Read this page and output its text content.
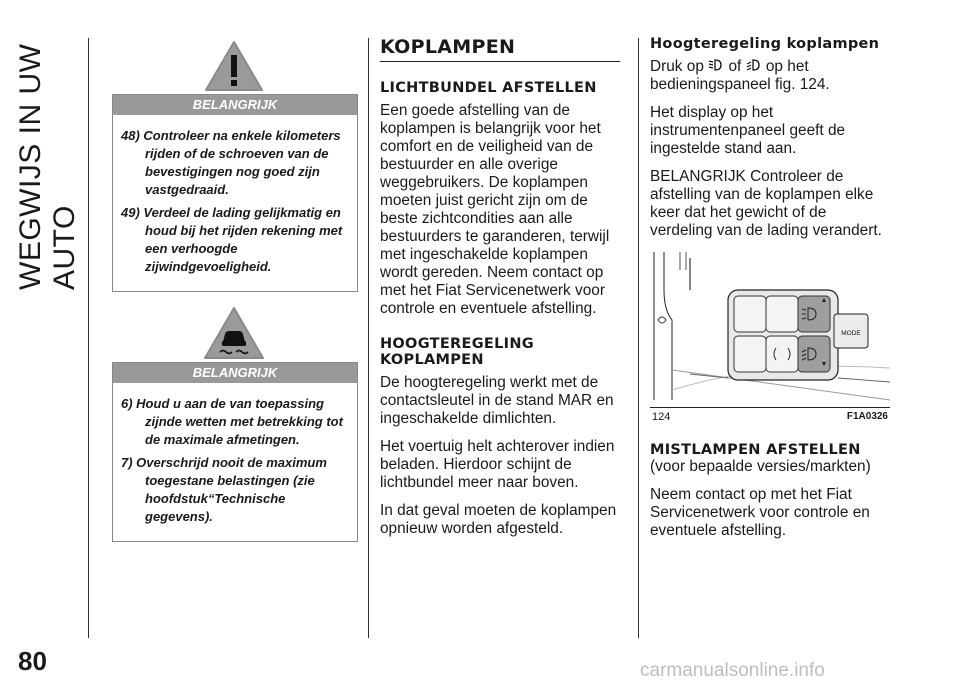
WEGWIJS IN UW AUTO
80
BELANGRIJK
48) Controleer na enkele kilometers rijden of de schroeven van de bevestigingen nog goed zijn vastgedraaid.
49) Verdeel de lading gelijkmatig en houd bij het rijden rekening met een verhoogde zijwindgevoeligheid.
BELANGRIJK
6) Houd u aan de van toepassing zijnde wetten met betrekking tot de maximale afmetingen.
7) Overschrijd nooit de maximum toegestane belastingen (zie hoofdstuk“Technische gegevens).
KOPLAMPEN
LICHTBUNDEL AFSTELLEN

Een goede afstelling van de koplampen is belangrijk voor het comfort en de veiligheid van de bestuurder en alle overige weggebruikers. De koplampen moeten juist gericht zijn om de beste zichtcondities aan alle bestuurders te garanderen, terwijl met ingeschakelde koplampen wordt gereden. Neem contact op met het Fiat Servicenetwerk voor controle en eventuele afstelling.

HOOGTEREGELING KOPLAMPEN

De hoogteregeling werkt met de contactsleutel in de stand MAR en ingeschakelde dimlichten.

Het voertuig helt achterover indien beladen. Hierdoor schijnt de lichtbundel meer naar boven.

In dat geval moeten de koplampen opnieuw worden afgesteld.

Hoogteregeling koplampen

Druk op of op het bedieningspaneel fig. 124.

Het display op het instrumentenpaneel geeft de ingestelde stand aan.

BELANGRIJK Controleer de afstelling van de koplampen elke keer dat het gewicht of de verdeling van de lading verandert.

MODE
124	F1A0326
MISTLAMPEN AFSTELLEN

(voor bepaalde versies/markten)

Neem contact op met het Fiat Servicenetwerk voor controle en eventuele afstelling.

carmanualsonline.info
